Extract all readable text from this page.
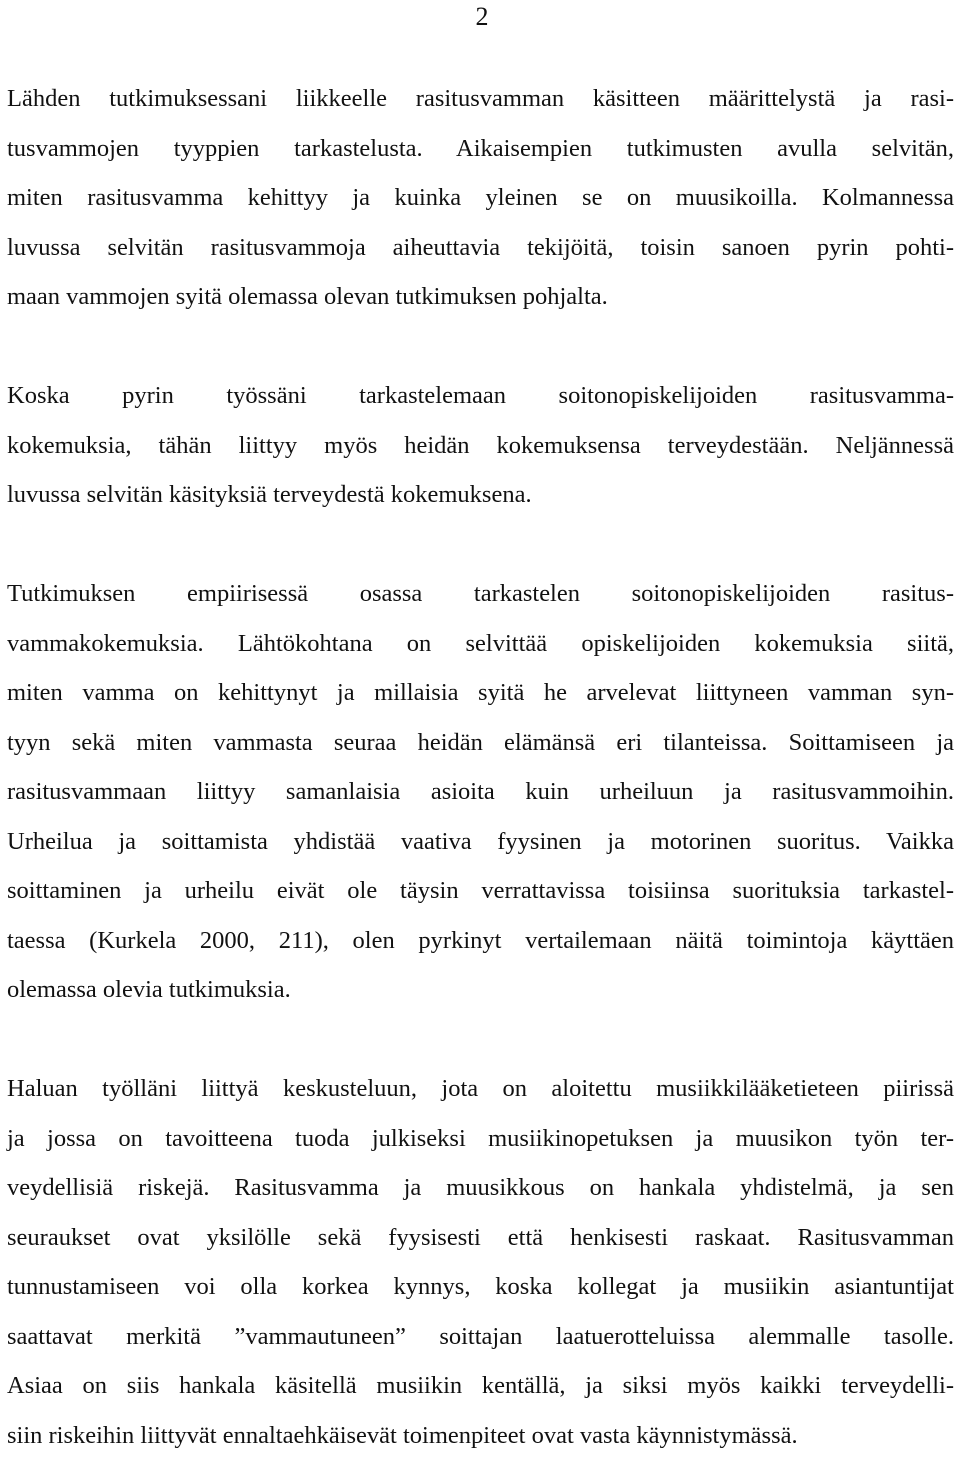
2
Lähden tutkimuksessani liikkeelle rasitusvamman käsitteen määrittelystä ja rasi-
tusvammojen tyyppien tarkastelusta. Aikaisempien tutkimusten avulla selvitän,
miten rasitusvamma kehittyy ja kuinka yleinen se on muusikoilla. Kolmannessa
luvussa selvitän rasitusvammoja aiheuttavia tekijöitä, toisin sanoen pyrin pohti-
maan vammojen syitä olemassa olevan tutkimuksen pohjalta.
Koska pyrin työssäni tarkastelemaan soitonopiskelijoiden rasitusvamma-
kokemuksia, tähän liittyy myös heidän kokemuksensa terveydestään. Neljännessä
luvussa selvitän käsityksiä terveydestä kokemuksena.
Tutkimuksen empiirisessä osassa tarkastelen soitonopiskelijoiden rasitus-
vammakokemuksia. Lähtökohtana on selvittää opiskelijoiden kokemuksia siitä,
miten vamma on kehittynyt ja millaisia syitä he arvelevat liittyneen vamman syn-
tyyn sekä miten vammasta seuraa heidän elämänsä eri tilanteissa. Soittamiseen ja
rasitusvammaan liittyy samanlaisia asioita kuin urheiluun ja rasitusvammoihin.
Urheilua ja soittamista yhdistää vaativa fyysinen ja motorinen suoritus. Vaikka
soittaminen ja urheilu eivät ole täysin verrattavissa toisiinsa suorituksia tarkastel-
taessa (Kurkela 2000, 211), olen pyrkinyt vertailemaan näitä toimintoja käyttäen
olemassa olevia tutkimuksia.
Haluan työlläni liittyä keskusteluun, jota on aloitettu musiikkilääketieteen piirissä
ja jossa on tavoitteena tuoda julkiseksi musiikinopetuksen ja muusikon työn ter-
veydellisiä riskejä. Rasitusvamma ja muusikkous on hankala yhdistelmä, ja sen
seuraukset ovat yksilölle sekä fyysisesti että henkisesti raskaat. Rasitusvamman
tunnustamiseen voi olla korkea kynnys, koska kollegat ja musiikin asiantuntijat
saattavat merkitä ”vammautuneen” soittajan laatuerotteluissa alemmalle tasolle.
Asiaa on siis hankala käsitellä musiikin kentällä, ja siksi myös kaikki terveydelli-
siin riskeihin liittyvät ennaltaehkäisevät toimenpiteet ovat vasta käynnistymässä.
